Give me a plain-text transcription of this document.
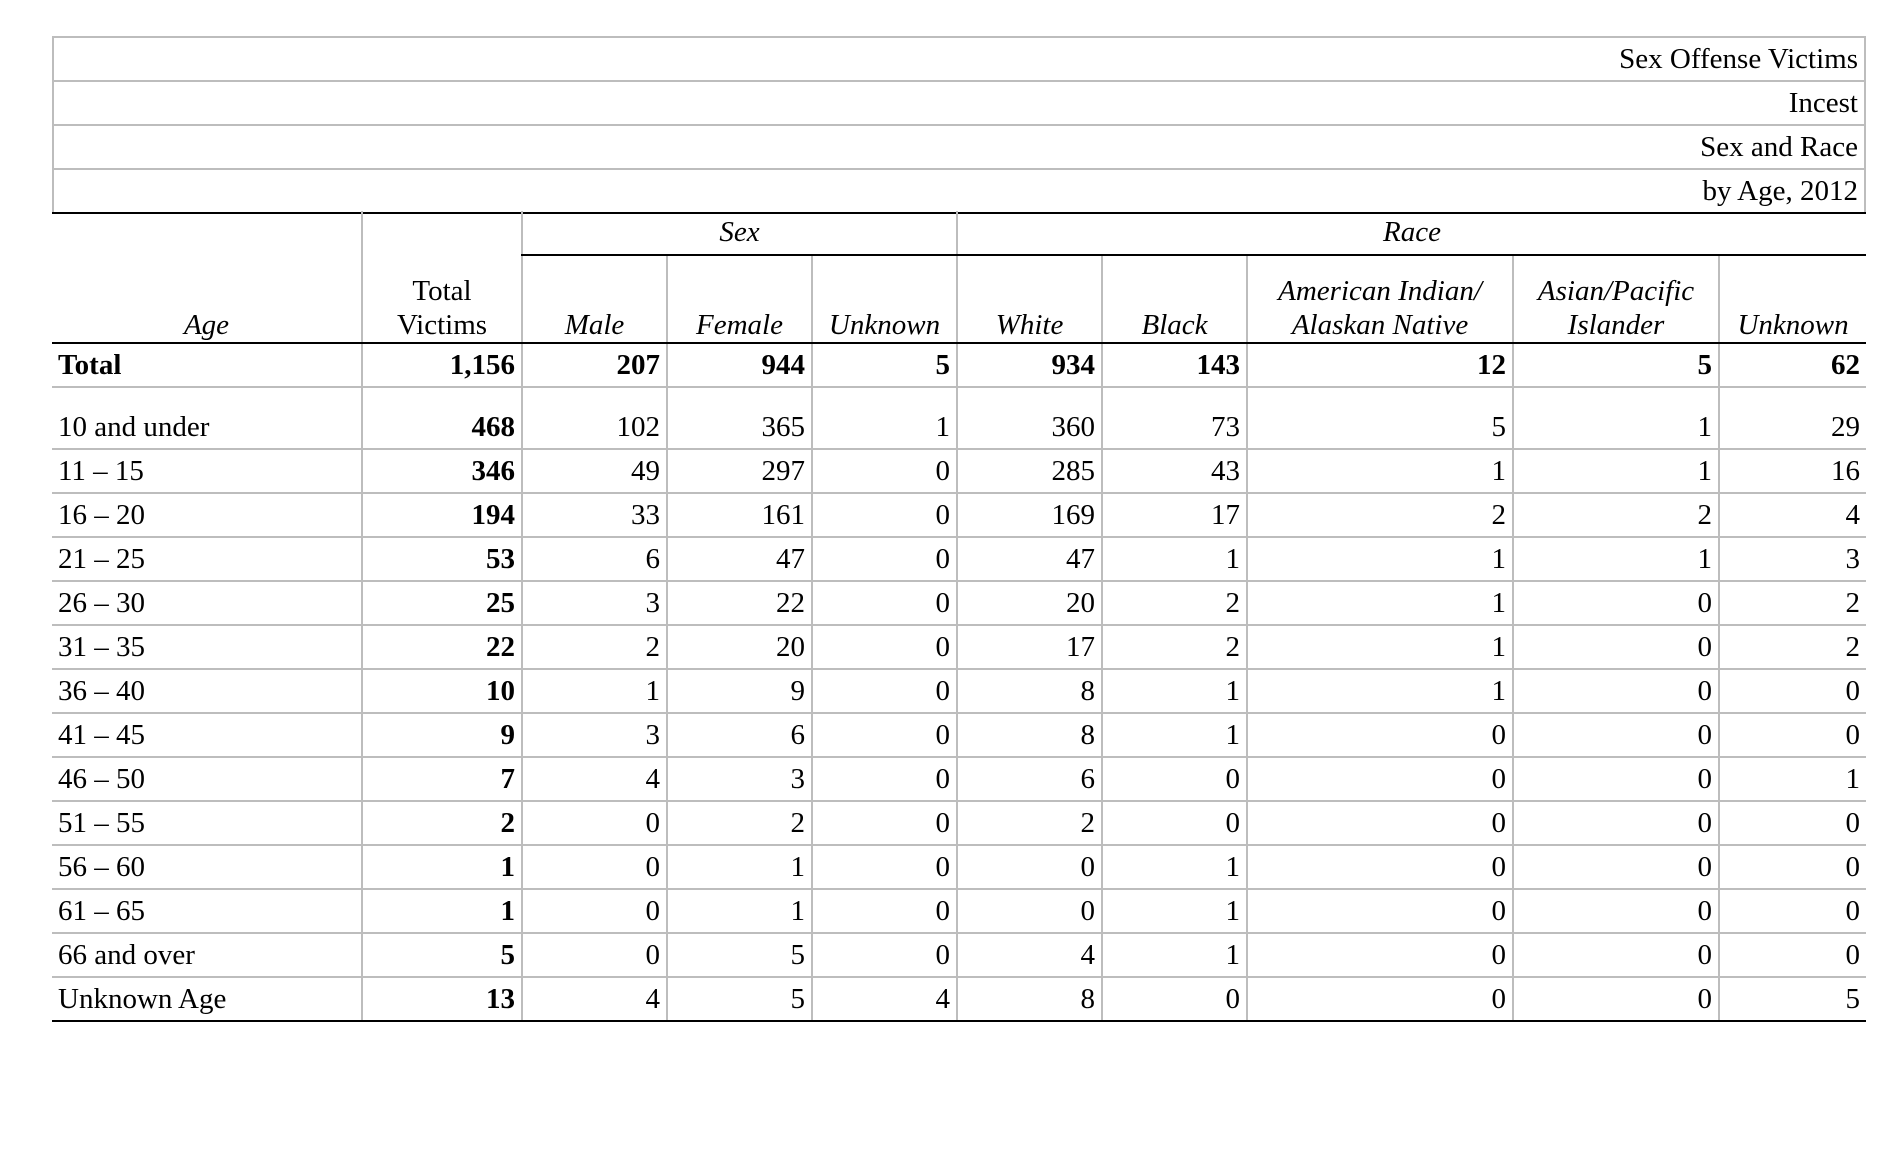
Sex Offense Victims
Incest
Sex and Race
by Age, 2012
Age	Total Victims	Sex			Race				
		Male	Female	Unknown	White	Black	American Indian/ Alaskan Native	Asian/Pacific Islander	Unknown
Total	1,156	207	944	5	934	143	12	5	62

10 and under	468	102	365	1	360	73	5	1	29
11 – 15	346	49	297	0	285	43	1	1	16
16 – 20	194	33	161	0	169	17	2	2	4
21 – 25	53	6	47	0	47	1	1	1	3
26 – 30	25	3	22	0	20	2	1	0	2
31 – 35	22	2	20	0	17	2	1	0	2
36 – 40	10	1	9	0	8	1	1	0	0
41 – 45	9	3	6	0	8	1	0	0	0
46 – 50	7	4	3	0	6	0	0	0	1
51 – 55	2	0	2	0	2	0	0	0	0
56 – 60	1	0	1	0	0	1	0	0	0
61 – 65	1	0	1	0	0	1	0	0	0
66 and over	5	0	5	0	4	1	0	0	0
Unknown Age	13	4	5	4	8	0	0	0	5
